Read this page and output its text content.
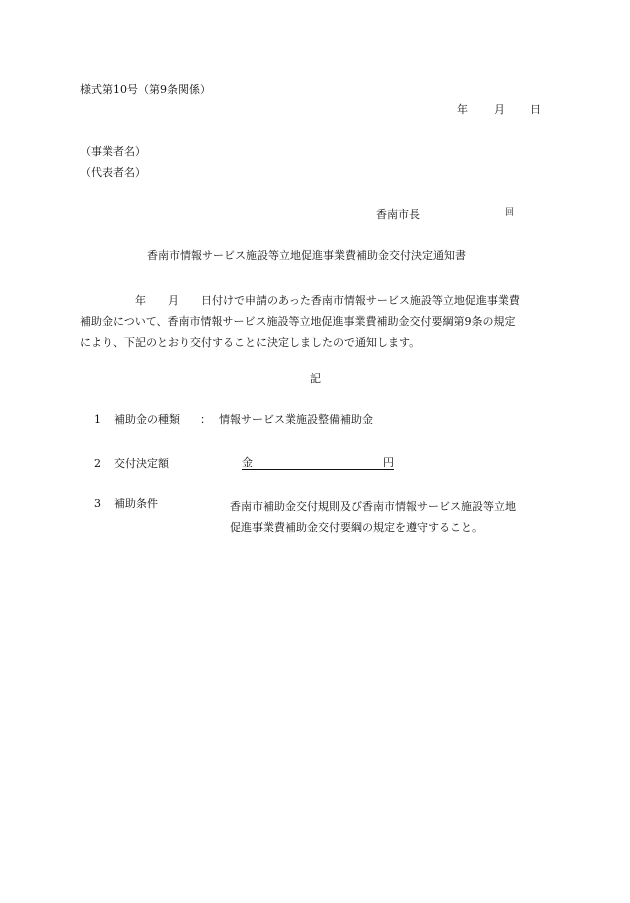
様式第10号（第9条関係）
年 月 日
（事業者名）
（代表者名）
香南市長	回
香南市情報サービス施設等立地促進事業費補助金交付決定通知書
　　　　　年　　月　　日付けで申請のあった香南市情報サービス施設等立地促進事業費
補助金について、香南市情報サービス施設等立地促進事業費補助金交付要綱第9条の規定
により、下記のとおり交付することに決定しましたので通知します。
記
1 補助金の種類 ： 情報サービス業施設整備補助金
2 交付決定額	金	円
3 補助条件	香南市補助金交付規則及び香南市情報サービス施設等立地
促進事業費補助金交付要綱の規定を遵守すること。
